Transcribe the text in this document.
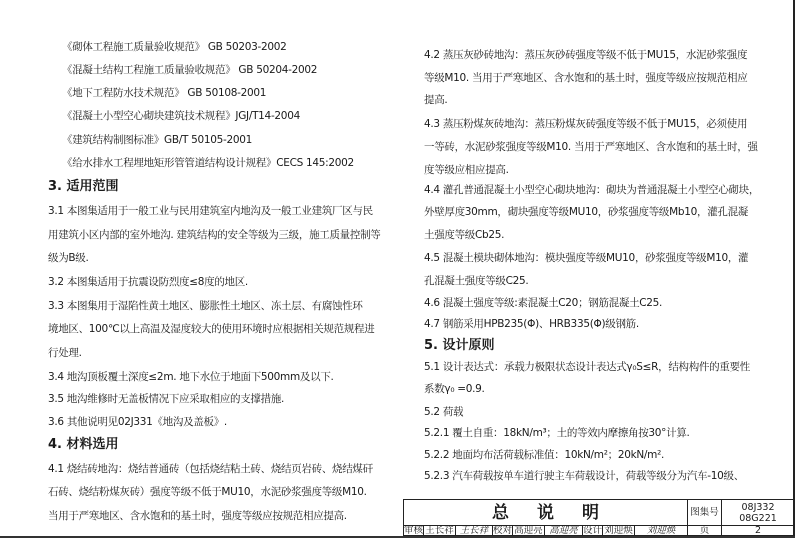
《砌体工程施工质量验收规范》 GB 50203-2002
《混凝土结构工程施工质量验收规范》 GB 50204-2002
《地下工程防水技术规范》 GB 50108-2001
《混凝土小型空心砌块建筑技术规程》JGJ/T14-2004
《建筑结构制图标准》GB/T 50105-2001
《给水排水工程埋地矩形管管道结构设计规程》CECS 145:2002
3. 适用范围
3.1 本图集适用于一般工业与民用建筑室内地沟及一般工业建筑厂区与民
用建筑小区内部的室外地沟. 建筑结构的安全等级为三级，施工质量控制等
级为B级.
3.2 本图集适用于抗震设防烈度≤8度的地区.
3.3 本图集用于湿陷性黄土地区、膨胀性土地区、冻土层、有腐蚀性环
境地区、100℃以上高温及湿度较大的使用环境时应根据相关规范规程进
行处理.
3.4 地沟顶板覆土深度≤2m. 地下水位于地面下500mm及以下.
3.5 地沟维修时无盖板情况下应采取相应的支撑措施.
3.6 其他说明见02J331《地沟及盖板》.
4. 材料选用
4.1 烧结砖地沟：烧结普通砖（包括烧结粘土砖、烧结页岩砖、烧结煤矸
石砖、烧结粉煤灰砖）强度等级不低于MU10，水泥砂浆强度等级M10.
当用于严寒地区、含水饱和的基土时，强度等级应按规范相应提高.
4.2 蒸压灰砂砖地沟：蒸压灰砂砖强度等级不低于MU15，水泥砂浆强度
等级M10. 当用于严寒地区、含水饱和的基土时，强度等级应按规范相应
提高.
4.3 蒸压粉煤灰砖地沟：蒸压粉煤灰砖强度等级不低于MU15，必须使用
一等砖，水泥砂浆强度等级M10. 当用于严寒地区、含水饱和的基土时，强
度等级应相应提高.
4.4 灌孔普通混凝土小型空心砌块地沟：砌块为普通混凝土小型空心砌块，
外壁厚度30mm，砌块强度等级MU10，砂浆强度等级Mb10，灌孔混凝
土强度等级Cb25.
4.5 混凝土模块砌体地沟：模块强度等级MU10，砂浆强度等级M10，灌
孔混凝土强度等级C25.
4.6 混凝土强度等级:素混凝土C20；钢筋混凝土C25.
4.7 钢筋采用HPB235(Φ)、HRB335(Φ)级钢筋.
5. 设计原则
5.1 设计表达式：承载力极限状态设计表达式γ₀S≤R，结构构件的重要性
系数γ₀ =0.9.
5.2 荷载
5.2.1 覆土自重：18kN/m³；土的等效内摩擦角按30°计算.
5.2.2 地面均布活荷载标准值：10kN/m²；20kN/m².
5.2.3 汽车荷载按单车道行驶主车荷载设计，荷载等级分为汽车-10级、
总说明	图集号	08J332
08G221
审核 王长祥 王长祥 校对 高迎亮 高迎亮 设计 刘迎焕	刘迎焕	页	2
